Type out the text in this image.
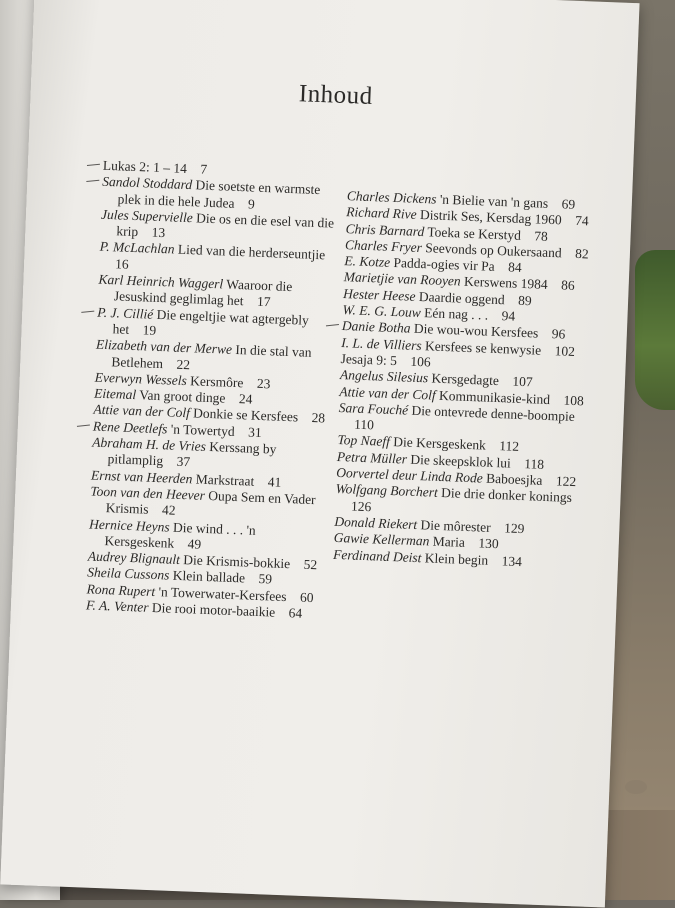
Inhoud

Lukas 2: 1 – 14  7

Sandol Stoddard Die soetste en warmste plek in die hele Judea  9

Jules Supervielle Die os en die esel van die krip  13

P. McLachlan Lied van die herderseuntjie 16

Karl Heinrich Waggerl Waaroor die Jesuskind geglimlag het  17

P. J. Cillié Die engeltjie wat agtergebly het  19

Elizabeth van der Merwe In die stal van Betlehem  22

Everwyn Wessels Kersmôre  23

Eitemal Van groot dinge  24

Attie van der Colf Donkie se Kersfees  28

Rene Deetlefs 'n Towertyd  31

Abraham H. de Vries Kerssang by pitlamplig  37

Ernst van Heerden Markstraat  41

Toon van den Heever Oupa Sem en Vader Krismis  42

Hernice Heyns Die wind . . . 'n Kersgeskenk  49

Audrey Blignault Die Krismis-bokkie  52

Sheila Cussons Klein ballade  59

Rona Rupert 'n Towerwater-Kersfees  60

F. A. Venter Die rooi motor-baaikie  64

Charles Dickens 'n Bielie van 'n gans  69

Richard Rive Distrik Ses, Kersdag 1960  74

Chris Barnard Toeka se Kerstyd  78

Charles Fryer Seevonds op Oukersaand  82

E. Kotze Padda-ogies vir Pa  84

Marietjie van Rooyen Kerswens 1984  86

Hester Heese Daardie oggend  89

W. E. G. Louw Eén nag . . .  94

Danie Botha Die wou-wou Kersfees  96

I. L. de Villiers Kersfees se kenwysie  102

Jesaja 9: 5  106

Angelus Silesius Kersgedagte  107

Attie van der Colf Kommunikasie-kind  108

Sara Fouché Die ontevrede denne-boompie 110

Top Naeff Die Kersgeskenk  112

Petra Müller Die skeepsklok lui  118

Oorvertel deur Linda Rode Baboesjka  122

Wolfgang Borchert Die drie donker konings 126

Donald Riekert Die môrester  129

Gawie Kellerman Maria  130

Ferdinand Deist Klein begin  134
